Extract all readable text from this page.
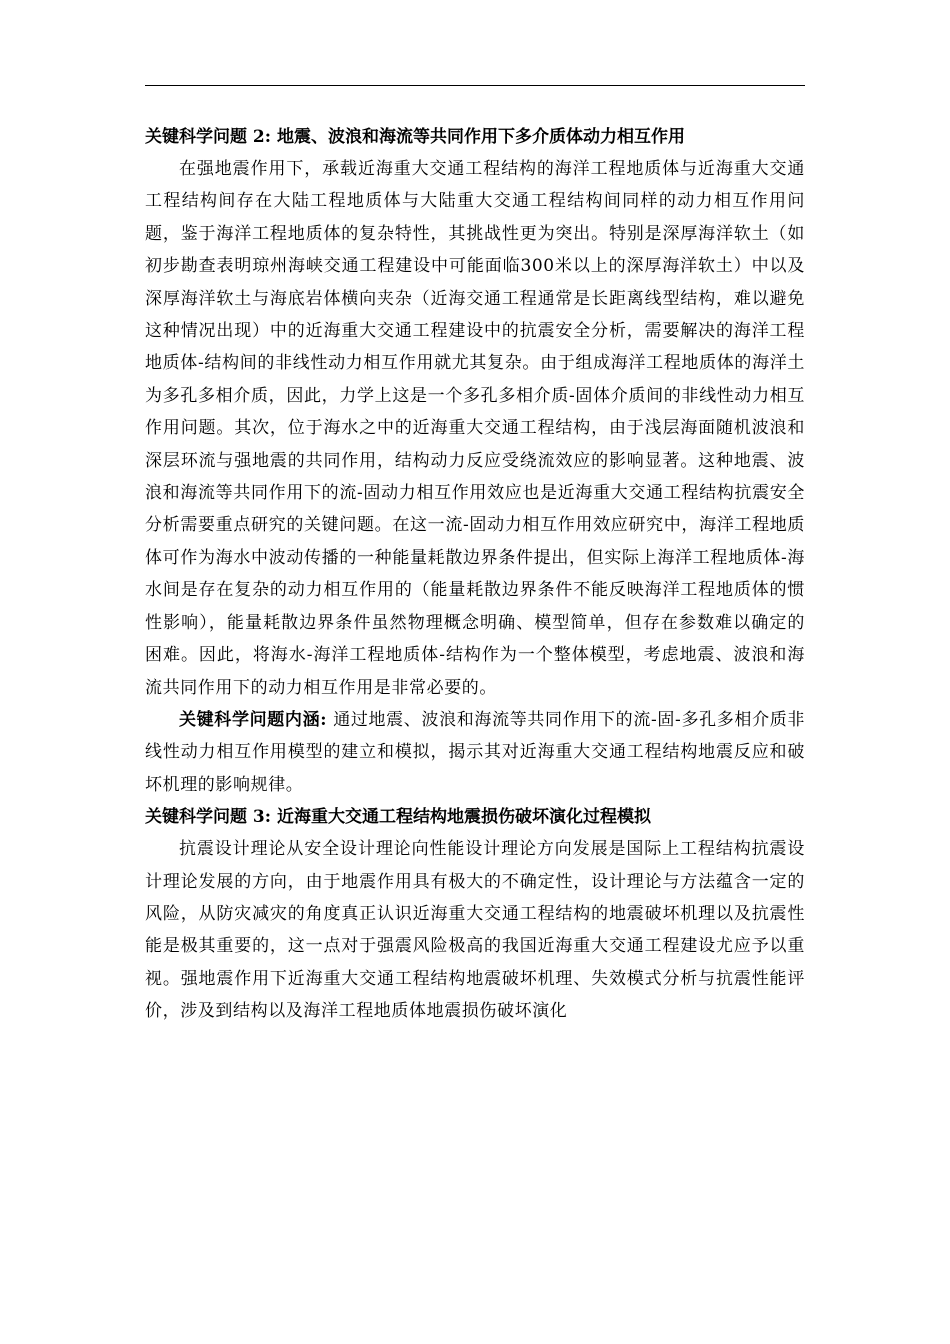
关键科学问题 2: 地震、波浪和海流等共同作用下多介质体动力相互作用

在强地震作用下，承载近海重大交通工程结构的海洋工程地质体与近海重大交通工程结构间存在大陆工程地质体与大陆重大交通工程结构间同样的动力相互作用问题，鉴于海洋工程地质体的复杂特性，其挑战性更为突出。特别是深厚海洋软土（如初步勘查表明琼州海峡交通工程建设中可能面临300米以上的深厚海洋软土）中以及深厚海洋软土与海底岩体横向夹杂（近海交通工程通常是长距离线型结构，难以避免这种情况出现）中的近海重大交通工程建设中的抗震安全分析，需要解决的海洋工程地质体-结构间的非线性动力相互作用就尤其复杂。由于组成海洋工程地质体的海洋土为多孔多相介质，因此，力学上这是一个多孔多相介质-固体介质间的非线性动力相互作用问题。其次，位于海水之中的近海重大交通工程结构，由于浅层海面随机波浪和深层环流与强地震的共同作用，结构动力反应受绕流效应的影响显著。这种地震、波浪和海流等共同作用下的流-固动力相互作用效应也是近海重大交通工程结构抗震安全分析需要重点研究的关键问题。在这一流-固动力相互作用效应研究中，海洋工程地质体可作为海水中波动传播的一种能量耗散边界条件提出，但实际上海洋工程地质体-海水间是存在复杂的动力相互作用的（能量耗散边界条件不能反映海洋工程地质体的惯性影响），能量耗散边界条件虽然物理概念明确、模型简单，但存在参数难以确定的困难。因此，将海水-海洋工程地质体-结构作为一个整体模型，考虑地震、波浪和海流共同作用下的动力相互作用是非常必要的。

关键科学问题内涵: 通过地震、波浪和海流等共同作用下的流-固-多孔多相介质非线性动力相互作用模型的建立和模拟，揭示其对近海重大交通工程结构地震反应和破坏机理的影响规律。

关键科学问题 3: 近海重大交通工程结构地震损伤破坏演化过程模拟

抗震设计理论从安全设计理论向性能设计理论方向发展是国际上工程结构抗震设计理论发展的方向，由于地震作用具有极大的不确定性，设计理论与方法蕴含一定的风险，从防灾减灾的角度真正认识近海重大交通工程结构的地震破坏机理以及抗震性能是极其重要的，这一点对于强震风险极高的我国近海重大交通工程建设尤应予以重视。强地震作用下近海重大交通工程结构地震破坏机理、失效模式分析与抗震性能评价，涉及到结构以及海洋工程地质体地震损伤破坏演化
